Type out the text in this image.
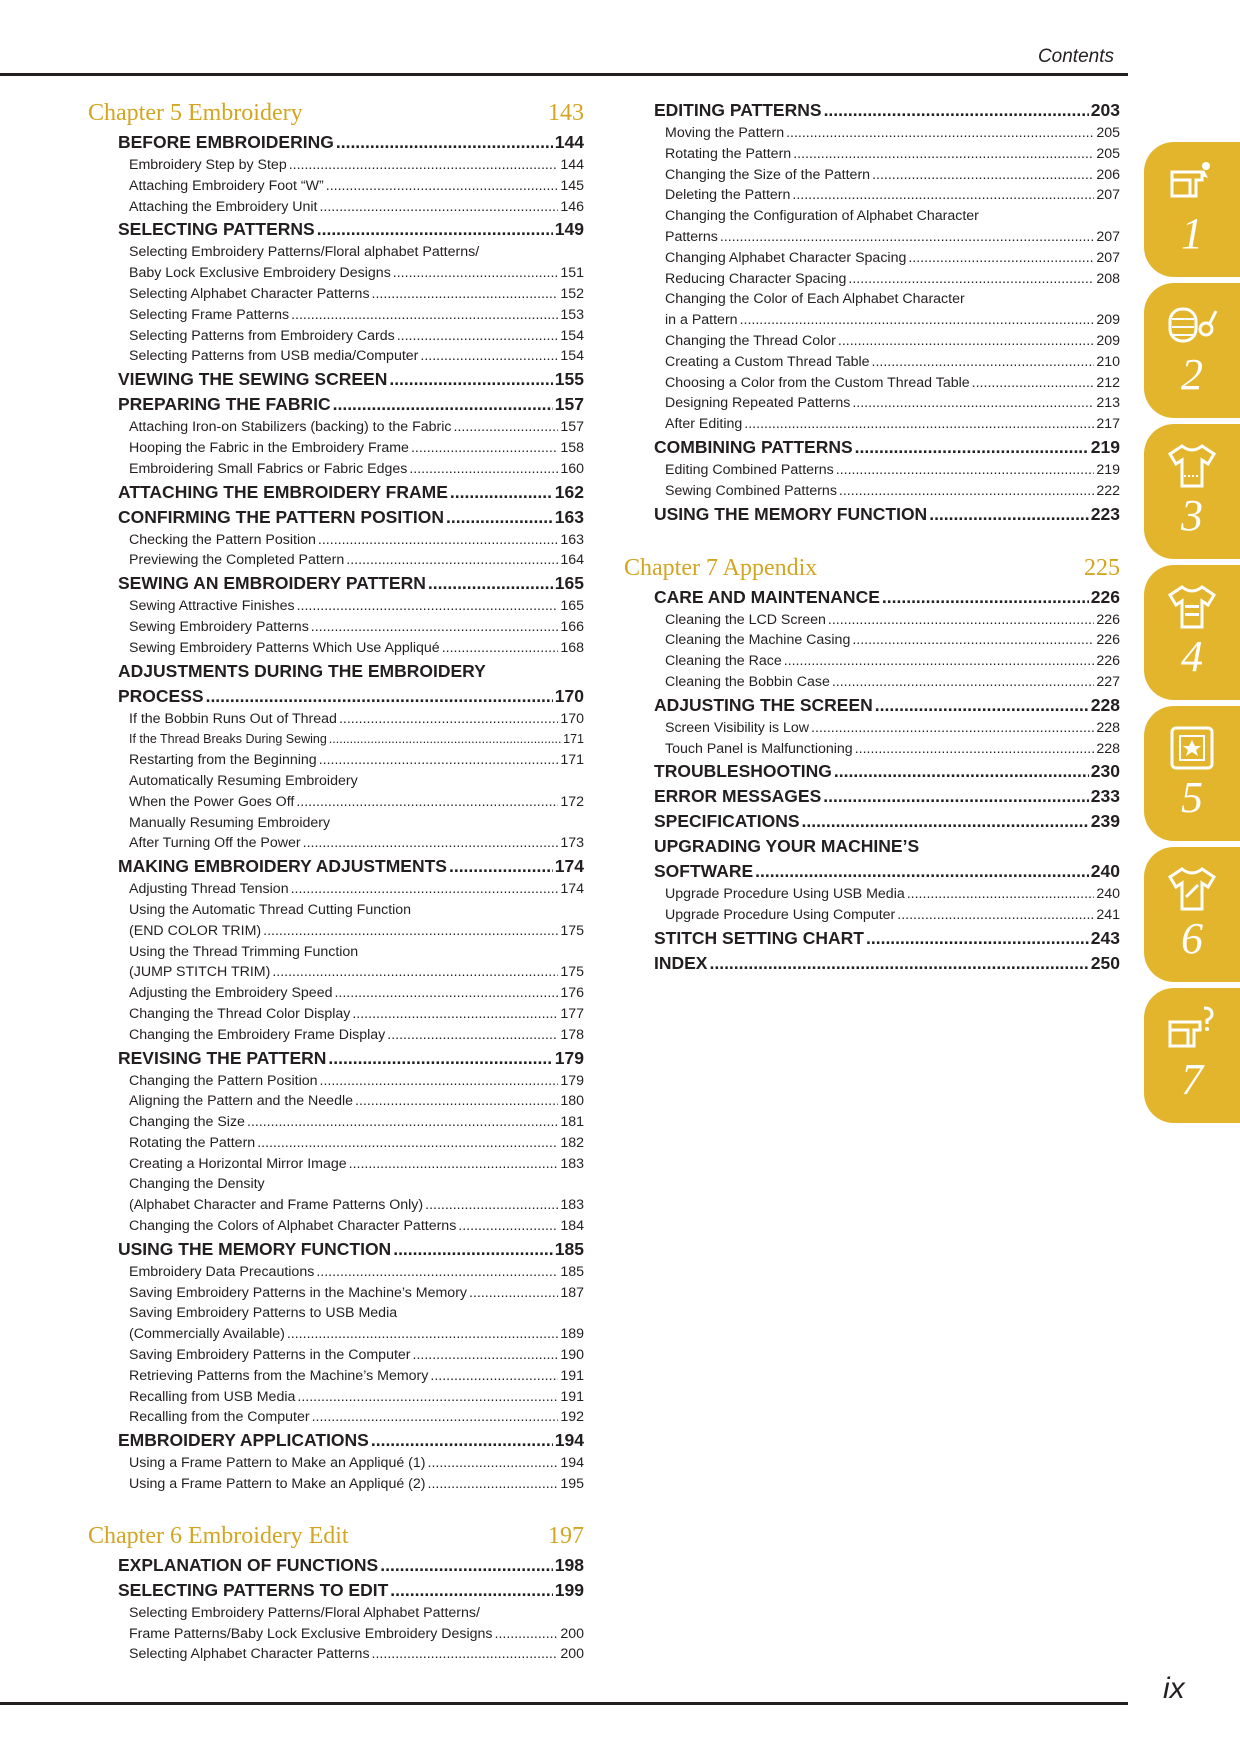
Contents
Chapter 5 Embroidery	143
BEFORE EMBROIDERING .....	144
Embroidery Step by Step .....	144
Attaching Embroidery Foot “W” .....	145
Attaching the Embroidery Unit .....	146
SELECTING PATTERNS .....	149
Selecting Embroidery Patterns/Floral alphabet Patterns/
Baby Lock Exclusive Embroidery Designs .....	151
Selecting Alphabet Character Patterns .....	152
Selecting Frame Patterns .....	153
Selecting Patterns from Embroidery Cards .....	154
Selecting Patterns from USB media/Computer .....	154
VIEWING THE SEWING SCREEN .....	155
PREPARING THE FABRIC .....	157
Attaching Iron-on Stabilizers (backing) to the Fabric .....	157
Hooping the Fabric in the Embroidery Frame .....	158
Embroidering Small Fabrics or Fabric Edges .....	160
ATTACHING THE EMBROIDERY FRAME .....	162
CONFIRMING THE PATTERN POSITION .....	163
Checking the Pattern Position .....	163
Previewing the Completed Pattern .....	164
SEWING AN EMBROIDERY PATTERN .....	165
Sewing Attractive Finishes .....	165
Sewing Embroidery Patterns .....	166
Sewing Embroidery Patterns Which Use Appliqué .....	168
ADJUSTMENTS DURING THE EMBROIDERY
PROCESS .....	170
If the Bobbin Runs Out of Thread .....	170
If the Thread Breaks During Sewing .....	171
Restarting from the Beginning .....	171
Automatically Resuming Embroidery
When the Power Goes Off .....	172
Manually Resuming Embroidery
After Turning Off the Power .....	173
MAKING EMBROIDERY ADJUSTMENTS .....	174
Adjusting Thread Tension .....	174
Using the Automatic Thread Cutting Function
(END COLOR TRIM) .....	175
Using the Thread Trimming Function
(JUMP STITCH TRIM) .....	175
Adjusting the Embroidery Speed .....	176
Changing the Thread Color Display .....	177
Changing the Embroidery Frame Display .....	178
REVISING THE PATTERN .....	179
Changing the Pattern Position .....	179
Aligning the Pattern and the Needle .....	180
Changing the Size .....	181
Rotating the Pattern .....	182
Creating a Horizontal Mirror Image .....	183
Changing the Density
(Alphabet Character and Frame Patterns Only) .....	183
Changing the Colors of Alphabet Character Patterns .....	184
USING THE MEMORY FUNCTION .....	185
Embroidery Data Precautions .....	185
Saving Embroidery Patterns in the Machine’s Memory .....	187
Saving Embroidery Patterns to USB Media
(Commercially Available) .....	189
Saving Embroidery Patterns in the Computer .....	190
Retrieving Patterns from the Machine’s Memory .....	191
Recalling from USB Media .....	191
Recalling from the Computer .....	192
EMBROIDERY APPLICATIONS .....	194
Using a Frame Pattern to Make an Appliqué (1) .....	194
Using a Frame Pattern to Make an Appliqué (2) .....	195
Chapter 6 Embroidery Edit	197
EXPLANATION OF FUNCTIONS .....	198
SELECTING PATTERNS TO EDIT .....	199
Selecting Embroidery Patterns/Floral Alphabet Patterns/
Frame Patterns/Baby Lock Exclusive Embroidery Designs .....	200
Selecting Alphabet Character Patterns .....	200
EDITING PATTERNS .....	203
Moving the Pattern .....	205
Rotating the Pattern .....	205
Changing the Size of the Pattern .....	206
Deleting the Pattern .....	207
Changing the Configuration of Alphabet Character
Patterns .....	207
Changing Alphabet Character Spacing .....	207
Reducing Character Spacing .....	208
Changing the Color of Each Alphabet Character
in a Pattern .....	209
Changing the Thread Color .....	209
Creating a Custom Thread Table .....	210
Choosing a Color from the Custom Thread Table .....	212
Designing Repeated Patterns .....	213
After Editing .....	217
COMBINING PATTERNS .....	219
Editing Combined Patterns .....	219
Sewing Combined Patterns .....	222
USING THE MEMORY FUNCTION .....	223
Chapter 7 Appendix	225
CARE AND MAINTENANCE .....	226
Cleaning the LCD Screen .....	226
Cleaning the Machine Casing .....	226
Cleaning the Race .....	226
Cleaning the Bobbin Case .....	227
ADJUSTING THE SCREEN .....	228
Screen Visibility is Low .....	228
Touch Panel is Malfunctioning .....	228
TROUBLESHOOTING .....	230
ERROR MESSAGES .....	233
SPECIFICATIONS .....	239
UPGRADING YOUR MACHINE’S
SOFTWARE .....	240
Upgrade Procedure Using USB Media .....	240
Upgrade Procedure Using Computer .....	241
STITCH SETTING CHART .....	243
INDEX .....	250
1
2
3
4
5
6
7
ix
